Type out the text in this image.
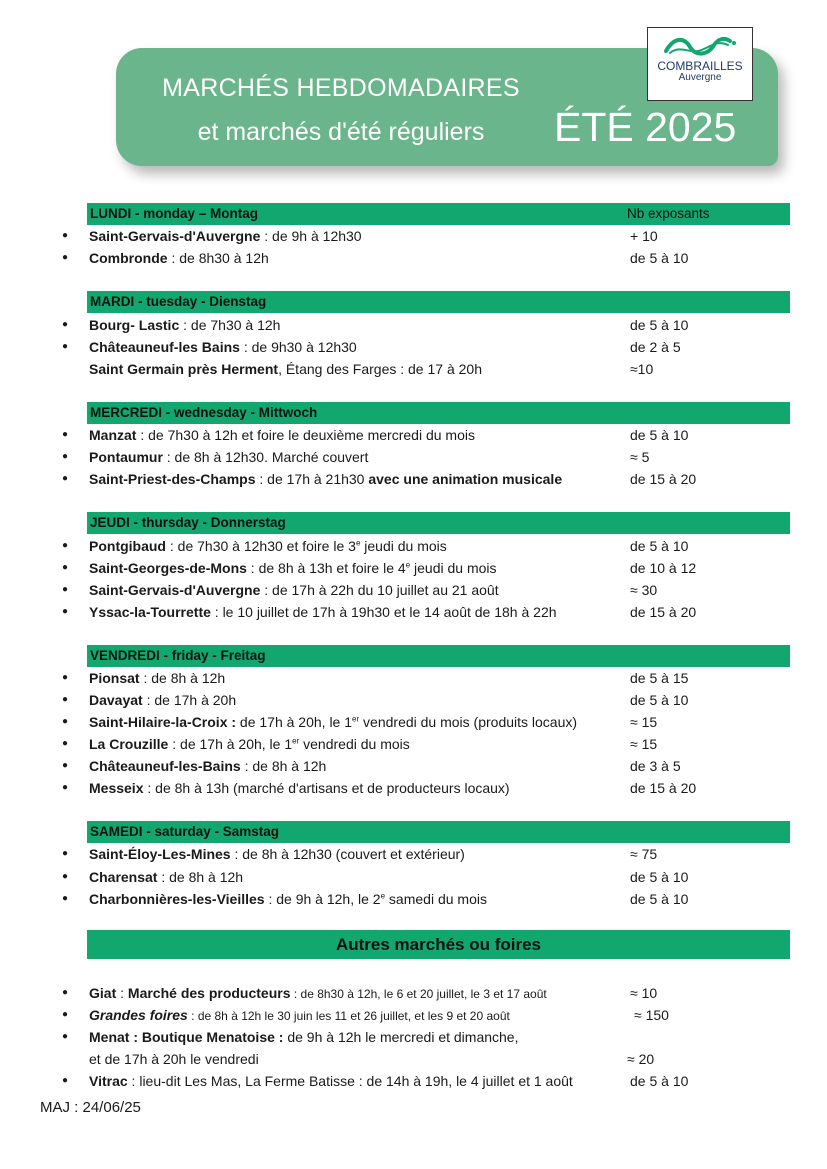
MARCHÉS HEBDOMADAIRES
et marchés d'été réguliers	ÉTÉ 2025
COMBRAILLES
Auvergne
LUNDI - monday – Montag	Nb exposants
● Saint-Gervais-d'Auvergne : de 9h à 12h30	+ 10
● Combronde : de 8h30 à 12h	de 5 à 10
MARDI - tuesday - Dienstag
● Bourg- Lastic : de 7h30 à 12h	de 5 à 10
● Châteauneuf-les Bains : de 9h30 à 12h30	de 2 à 5
Saint Germain près Herment, Étang des Farges : de 17 à 20h	≈10
MERCREDI - wednesday - Mittwoch
● Manzat : de 7h30 à 12h et foire le deuxième mercredi du mois	de 5 à 10
● Pontaumur : de 8h à 12h30. Marché couvert	≈ 5
● Saint-Priest-des-Champs : de 17h à 21h30 avec une animation musicale	de 15 à 20
JEUDI - thursday - Donnerstag
● Pontgibaud : de 7h30 à 12h30 et foire le 3e jeudi du mois	de 5 à 10
● Saint-Georges-de-Mons : de 8h à 13h et foire le 4e jeudi du mois	de 10 à 12
● Saint-Gervais-d'Auvergne : de 17h à 22h du 10 juillet au 21 août	≈ 30
● Yssac-la-Tourrette : le 10 juillet de 17h à 19h30 et le 14 août de 18h à 22h	de 15 à 20
VENDREDI - friday - Freitag
● Pionsat : de 8h à 12h	de 5 à 15
● Davayat : de 17h à 20h	de 5 à 10
● Saint-Hilaire-la-Croix : de 17h à 20h, le 1er vendredi du mois (produits locaux)	≈ 15
● La Crouzille : de 17h à 20h, le 1er vendredi du mois	≈ 15
● Châteauneuf-les-Bains : de 8h à 12h	de 3 à 5
● Messeix : de 8h à 13h (marché d'artisans et de producteurs locaux)	de 15 à 20
SAMEDI - saturday - Samstag
● Saint-Éloy-Les-Mines : de 8h à 12h30 (couvert et extérieur)	≈ 75
● Charensat : de 8h à 12h	de 5 à 10
● Charbonnières-les-Vieilles : de 9h à 12h, le 2e samedi du mois	de 5 à 10
Autres marchés ou foires
● Giat : Marché des producteurs : de 8h30 à 12h, le 6 et 20 juillet, le 3 et 17 août	≈ 10
● Grandes foires : de 8h à 12h le 30 juin les 11 et 26 juillet, et les 9 et 20 août	≈ 150
● Menat : Boutique Menatoise : de 9h à 12h le mercredi et dimanche,
et de 17h à 20h le vendredi	≈ 20
● Vitrac : lieu-dit Les Mas, La Ferme Batisse : de 14h à 19h, le 4 juillet et 1 août	de 5 à 10
MAJ : 24/06/25
